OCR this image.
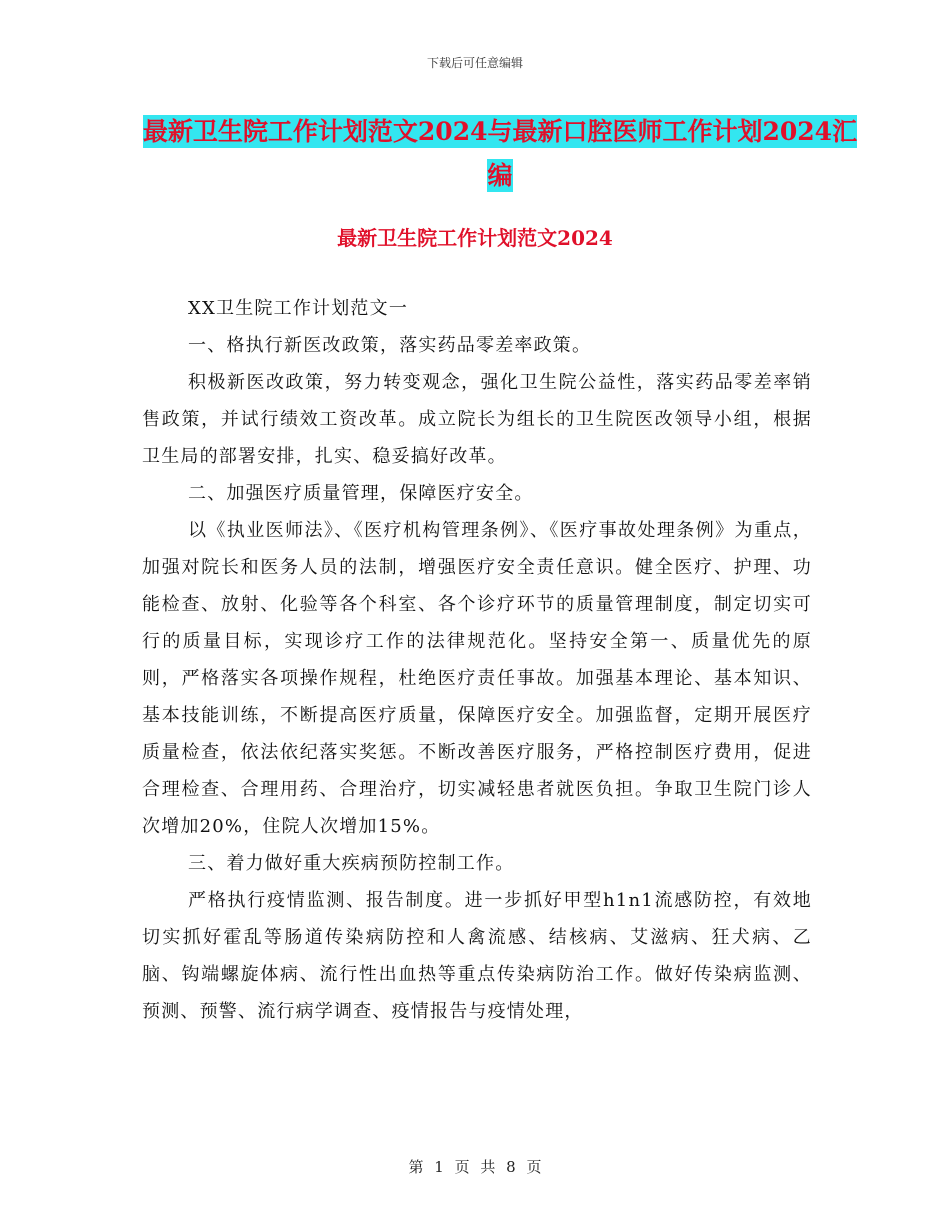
下载后可任意编辑
最新卫生院工作计划范文2024与最新口腔医师工作计划2024汇编
最新卫生院工作计划范文2024

XX卫生院工作计划范文一

一、格执行新医改政策，落实药品零差率政策。

积极新医改政策，努力转变观念，强化卫生院公益性，落实药品零差率销售政策，并试行绩效工资改革。成立院长为组长的卫生院医改领导小组，根据卫生局的部署安排，扎实、稳妥搞好改革。

二、加强医疗质量管理，保障医疗安全。

以《执业医师法》、《医疗机构管理条例》、《医疗事故处理条例》为重点，加强对院长和医务人员的法制，增强医疗安全责任意识。健全医疗、护理、功能检查、放射、化验等各个科室、各个诊疗环节的质量管理制度，制定切实可行的质量目标，实现诊疗工作的法律规范化。坚持安全第一、质量优先的原则，严格落实各项操作规程，杜绝医疗责任事故。加强基本理论、基本知识、基本技能训练，不断提高医疗质量，保障医疗安全。加强监督，定期开展医疗质量检查，依法依纪落实奖惩。不断改善医疗服务，严格控制医疗费用，促进合理检查、合理用药、合理治疗，切实减轻患者就医负担。争取卫生院门诊人次增加20%，住院人次增加15%。

三、着力做好重大疾病预防控制工作。

严格执行疫情监测、报告制度。进一步抓好甲型h1n1流感防控，有效地切实抓好霍乱等肠道传染病防控和人禽流感、结核病、艾滋病、狂犬病、乙脑、钩端螺旋体病、流行性出血热等重点传染病防治工作。做好传染病监测、预测、预警、流行病学调查、疫情报告与疫情处理，

第 1 页 共 8 页
